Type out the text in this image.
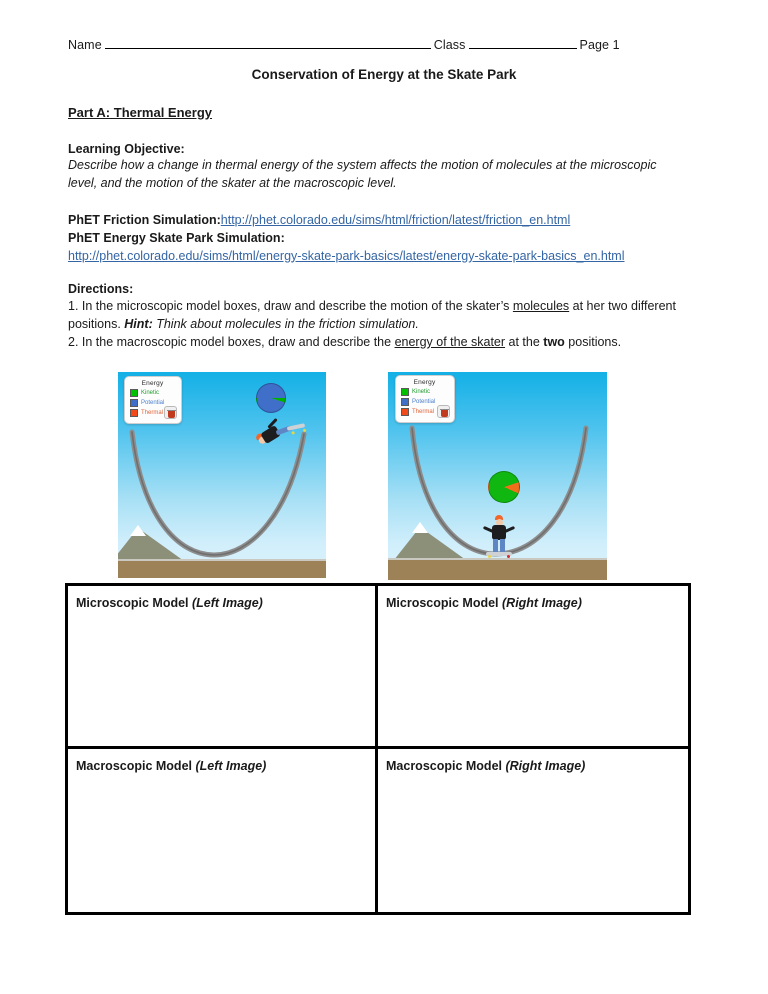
Name	Class	Page 1
Conservation of Energy at the Skate Park
Part A: Thermal Energy
Learning Objective:

Describe how a change in thermal energy of the system affects the motion of molecules at the microscopic level, and the motion of the skater at the macroscopic level.

PhET Friction Simulation:http://phet.colorado.edu/sims/html/friction/latest/friction_en.html
PhET Energy Skate Park Simulation:
http://phet.colorado.edu/sims/html/energy-skate-park-basics/latest/energy-skate-park-basics_en.html
Directions:

1. In the microscopic model boxes, draw and describe the motion of the skater’s molecules at her two different positions. Hint: Think about molecules in the friction simulation.
2. In the macroscopic model boxes, draw and describe the energy of the skater at the two positions.

Energy
Kinetic
Potential
Thermal
Energy
Kinetic
Potential
Thermal
Microscopic Model (Left Image)	Microscopic Model (Right Image)
Macroscopic Model (Left Image)	Macroscopic Model (Right Image)
